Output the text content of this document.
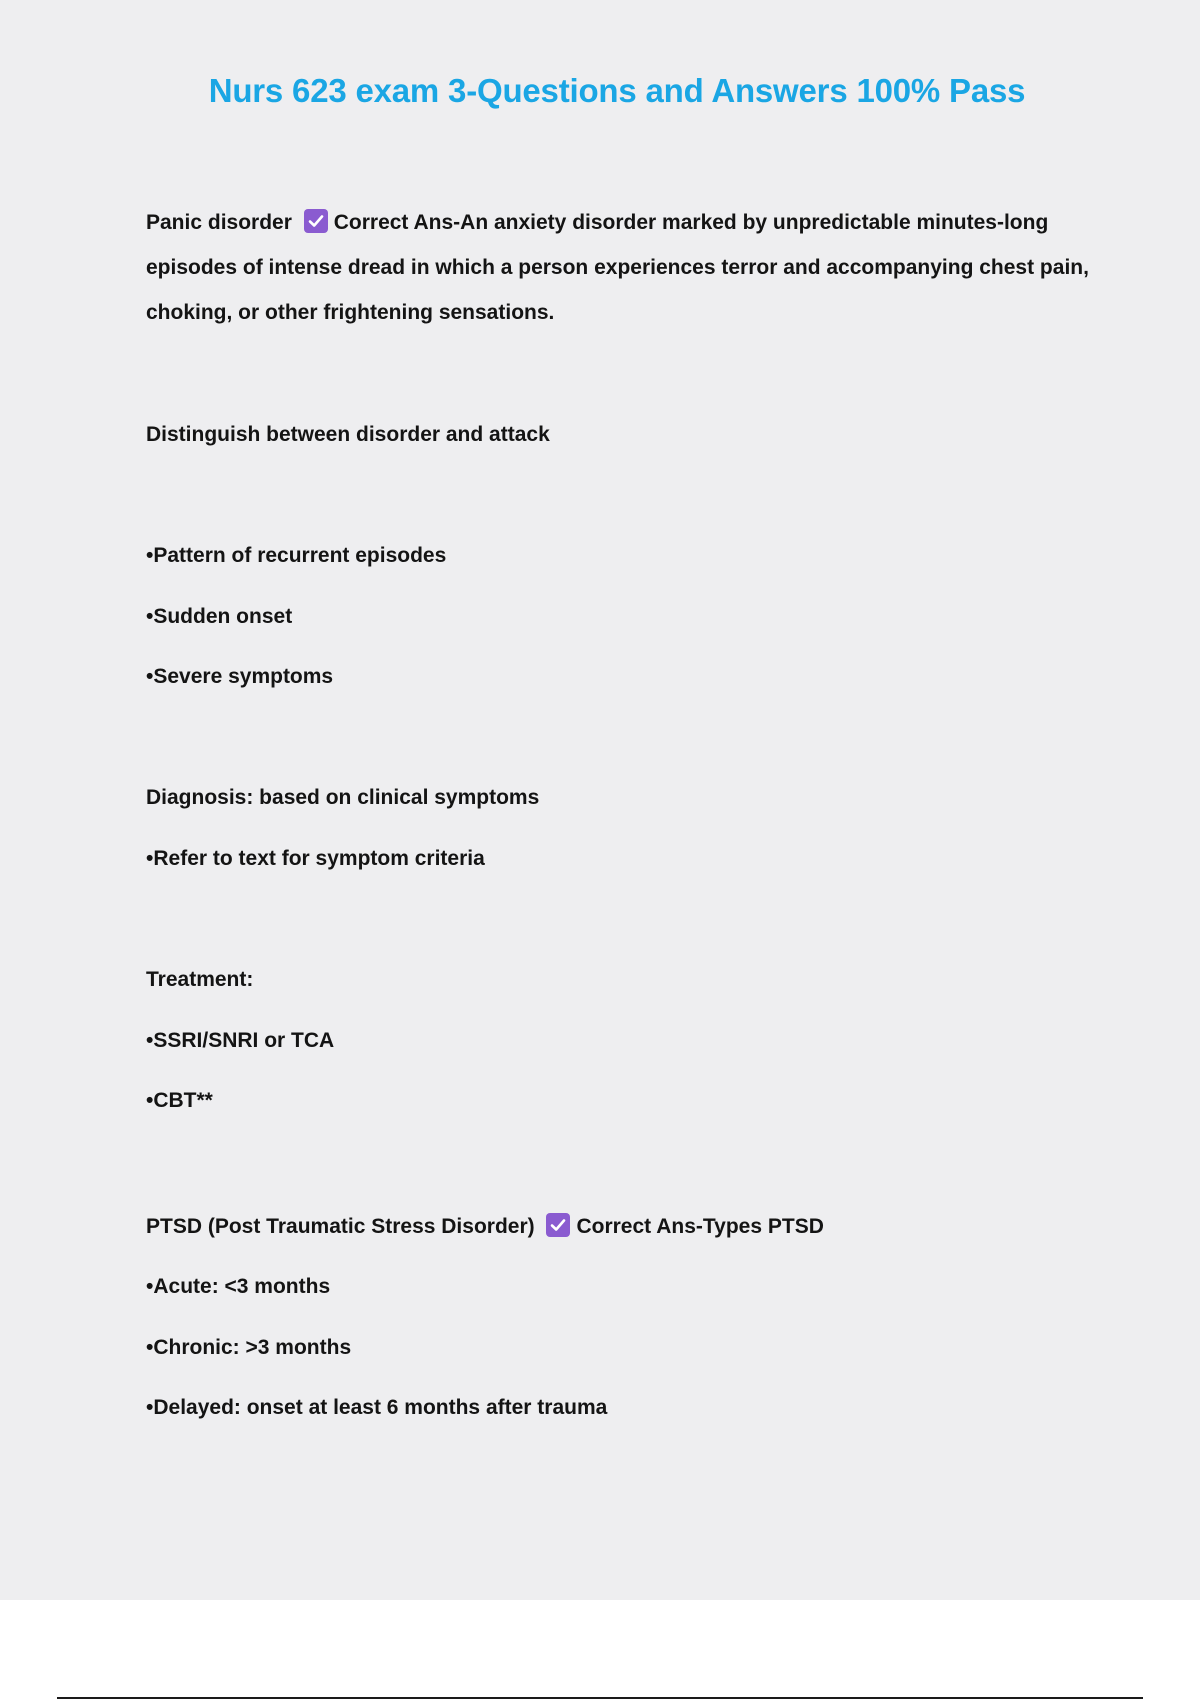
Nurs 623 exam 3-Questions and Answers 100% Pass
Panic disorder Correct Ans-An anxiety disorder marked by unpredictable minutes-long episodes of intense dread in which a person experiences terror and accompanying chest pain, choking, or other frightening sensations.
Distinguish between disorder and attack
•Pattern of recurrent episodes
•Sudden onset
•Severe symptoms
Diagnosis: based on clinical symptoms
•Refer to text for symptom criteria
Treatment:
•SSRI/SNRI or TCA
•CBT**
PTSD (Post Traumatic Stress Disorder) Correct Ans-Types PTSD
•Acute: <3 months
•Chronic: >3 months
•Delayed: onset at least 6 months after trauma
